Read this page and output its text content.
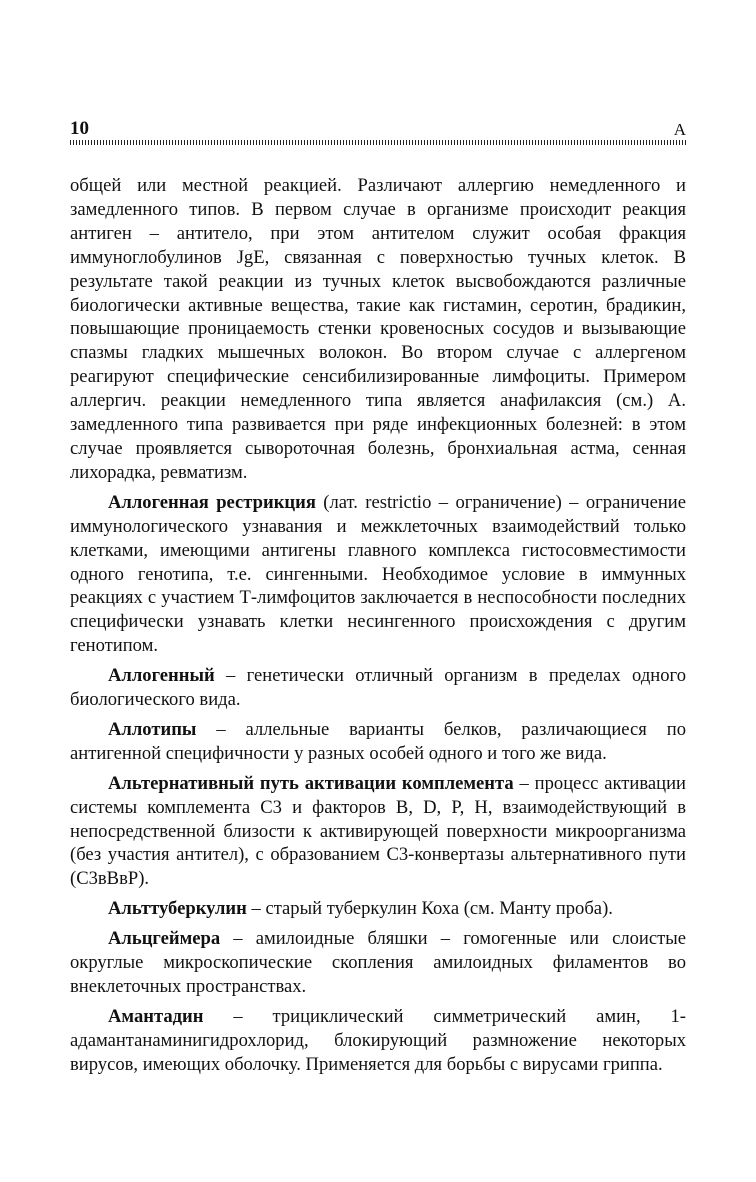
10	А

общей или местной реакцией. Различают аллергию немедленного и замедленного типов. В первом случае в организме происходит реакция антиген – антитело, при этом антителом служит особая фракция иммуноглобулинов JgE, связанная с поверхностью тучных клеток. В результате такой реакции из тучных клеток высвобождаются различные биологически активные вещества, такие как гистамин, серотин, брадикин, повышающие проницаемость стенки кровеносных сосудов и вызывающие спазмы гладких мышечных волокон. Во втором случае с аллергеном реагируют специфические сенсибилизированные лимфоциты. Примером аллергич. реакции немедленного типа является анафилаксия (см.) А. замедленного типа развивается при ряде инфекционных болезней: в этом случае проявляется сывороточная болезнь, бронхиальная астма, сенная лихорадка, ревматизм.

Аллогенная рестрикция (лат. restrictio – ограничение) – ограничение иммунологического узнавания и межклеточных взаимодействий только клетками, имеющими антигены главного комплекса гистосовместимости одного генотипа, т.е. сингенными. Необходимое условие в иммунных реакциях с участием Т-лимфоцитов заключается в неспособности последних специфически узнавать клетки несингенного происхождения с другим генотипом.

Аллогенный – генетически отличный организм в пределах одного биологического вида.

Аллотипы – аллельные варианты белков, различающиеся по антигенной специфичности у разных особей одного и того же вида.

Альтернативный путь активации комплемента – процесс активации системы комплемента С3 и факторов B, D, P, H, взаимодействующий в непосредственной близости к активирующей поверхности микроорганизма (без участия антител), с образованием С3-конвертазы альтернативного пути (С3вВвР).

Альттуберкулин – старый туберкулин Коха (см. Манту проба).

Альцгеймера – амилоидные бляшки – гомогенные или слоистые округлые микроскопические скопления амилоидных филаментов во внеклеточных пространствах.

Амантадин – трициклический симметрический амин, 1-адамантанаминигидрохлорид, блокирующий размножение некоторых вирусов, имеющих оболочку. Применяется для борьбы с вирусами гриппа.
